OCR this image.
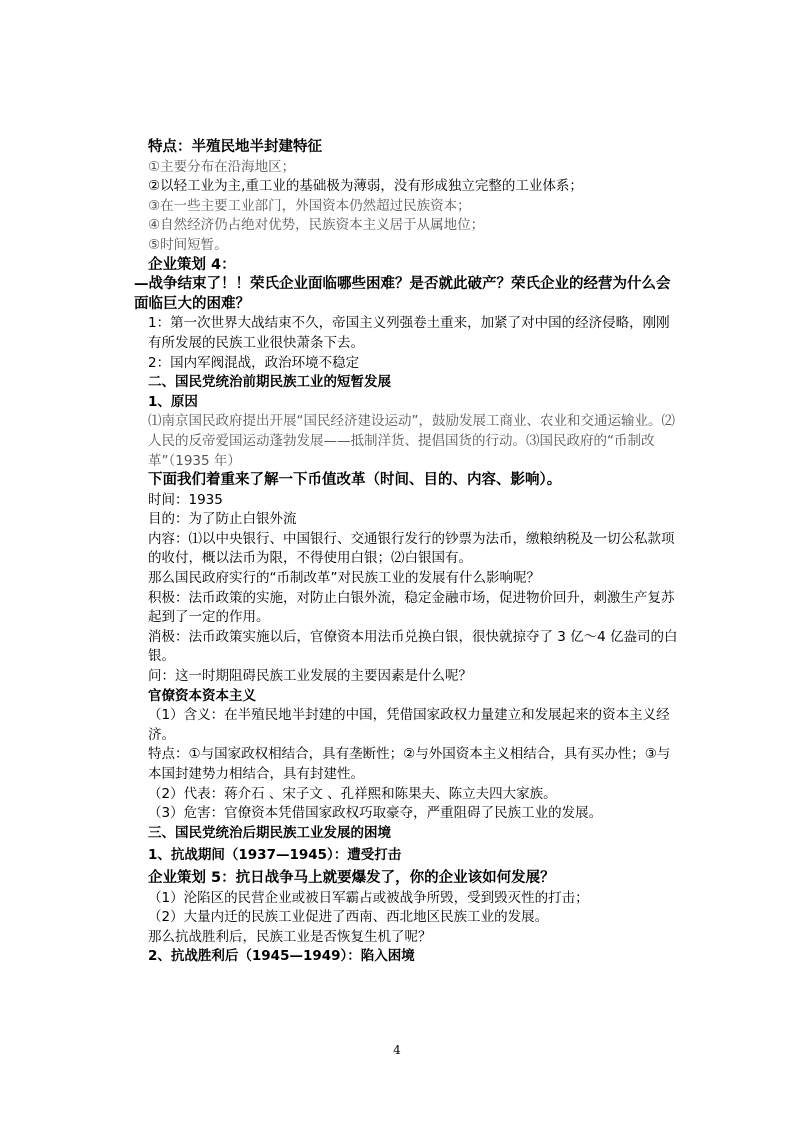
特点：半殖民地半封建特征
①主要分布在沿海地区；
②以轻工业为主,重工业的基础极为薄弱，没有形成独立完整的工业体系；
③在一些主要工业部门，外国资本仍然超过民族资本；
④自然经济仍占绝对优势，民族资本主义居于从属地位；
⑤时间短暂。
企业策划 4：
—战争结束了！！荣氏企业面临哪些困难？是否就此破产？荣氏企业的经营为什么会面临巨大的困难？
1：第一次世界大战结束不久，帝国主义列强卷土重来，加紧了对中国的经济侵略，刚刚有所发展的民族工业很快萧条下去。
2：国内军阀混战，政治环境不稳定
二、国民党统治前期民族工业的短暂发展
1、原因
⑴南京国民政府提出开展“国民经济建设运动”，鼓励发展工商业、农业和交通运输业。⑵人民的反帝爱国运动蓬勃发展——抵制洋货、提倡国货的行动。⑶国民政府的“币制改革”（1935 年）
下面我们着重来了解一下币值改革（时间、目的、内容、影响）。
时间：1935
目的：为了防止白银外流
内容：⑴以中央银行、中国银行、交通银行发行的钞票为法币，缴粮纳税及一切公私款项的收付，概以法币为限，不得使用白银；⑵白银国有。
那么国民政府实行的“币制改革”对民族工业的发展有什么影响呢？
积极：法币政策的实施，对防止白银外流，稳定金融市场，促进物价回升，刺激生产复苏起到了一定的作用。
消极：法币政策实施以后，官僚资本用法币兑换白银，很快就掠夺了 3 亿～4 亿盎司的白银。
问：这一时期阻碍民族工业发展的主要因素是什么呢？
官僚资本资本主义
（1）含义：在半殖民地半封建的中国，凭借国家政权力量建立和发展起来的资本主义经济。
特点：①与国家政权相结合，具有垄断性；②与外国资本主义相结合，具有买办性；③与本国封建势力相结合，具有封建性。
（2）代表：蒋介石 、宋子文 、孔祥熙和陈果夫、陈立夫四大家族。
（3）危害：官僚资本凭借国家政权巧取豪夺，严重阻碍了民族工业的发展。
三、国民党统治后期民族工业发展的困境
1、抗战期间（1937—1945）：遭受打击
企业策划 5：抗日战争马上就要爆发了，你的企业该如何发展？
（1）沦陷区的民营企业或被日军霸占或被战争所毁，受到毁灭性的打击；
（2）大量内迁的民族工业促进了西南、西北地区民族工业的发展。
那么抗战胜利后，民族工业是否恢复生机了呢？
2、抗战胜利后（1945—1949）：陷入困境
4
